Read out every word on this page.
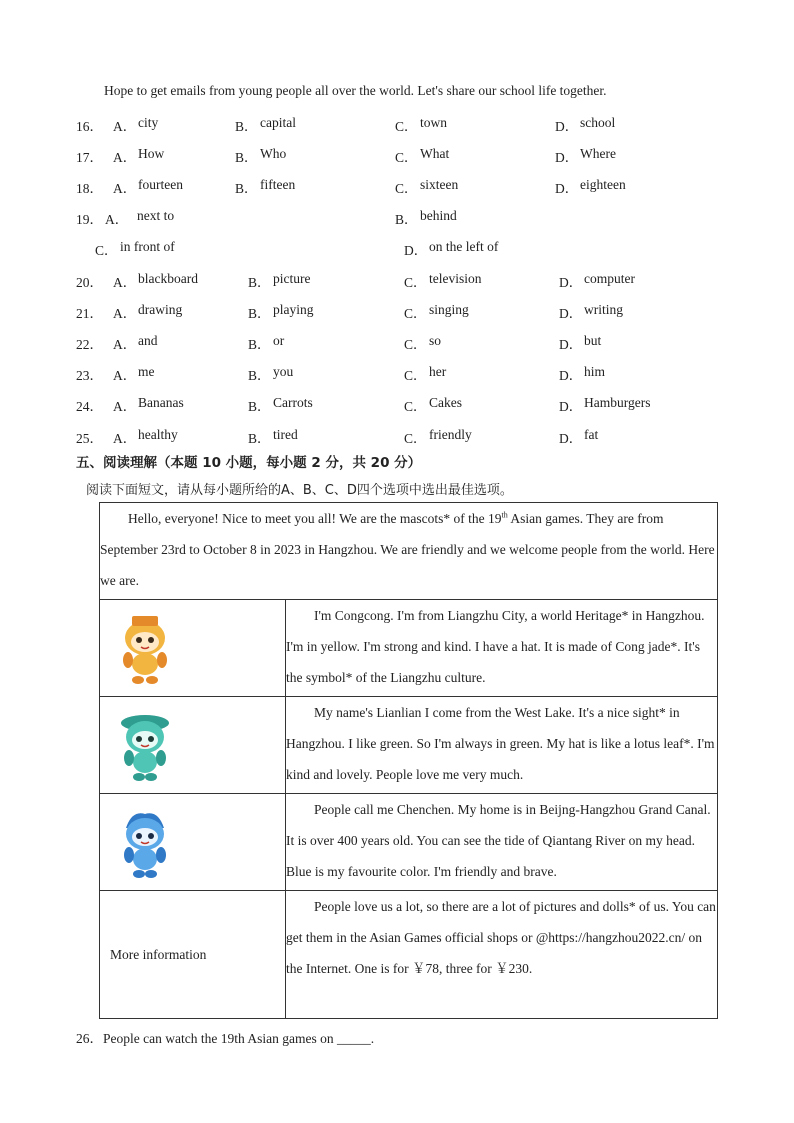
Hope to get emails from young people all over the world. Let's share our school life together.
16． A． city	B． capital	C． town	D． school
17． A． How	B． Who	C． What	D． Where
18． A． fourteen	B． fifteen	C． sixteen	D． eighteen
19． A． next to	B． behind
C． in front of	D． on the left of
20． A． blackboard	B． picture	C． television	D． computer
21． A． drawing	B． playing	C． singing	D． writing
22． A． and	B． or	C． so	D． but
23． A． me	B． you	C． her	D． him
24． A． Bananas	B． Carrots	C． Cakes	D． Hamburgers
25． A． healthy	B． tired	C． friendly	D． fat
五、阅读理解（本题 10 小题，每小题 2 分，共 20 分）
阅读下面短文，请从每小题所给的A、B、C、D四个选项中选出最佳选项。
Hello, everyone! Nice to meet you all! We are the mascots* of the 19th Asian games. They are from September 23rd to October 8 in 2023 in Hangzhou. We are friendly and we welcome people from the world. Here we are.	

	I'm Congcong. I'm from Liangzhu City, a world Heritage* in Hangzhou. I'm in yellow. I'm strong and kind. I have a hat. It is made of Cong jade*. It's the symbol* of the Liangzhu culture.

	My name's Lianlian I come from the West Lake. It's a nice sight* in Hangzhou. I like green. So I'm always in green. My hat is like a lotus leaf*. I'm kind and lovely. People love me very much.

	People call me Chenchen. My home is in Beijng-Hangzhou Grand Canal. It is over 400 years old. You can see the tide of Qiantang River on my head. Blue is my favourite color. I'm friendly and brave.
More information	People love us a lot, so there are a lot of pictures and dolls* of us. You can get them in the Asian Games official shops or @https://hangzhou2022.cn/ on the Internet. One is for ￥78, three for ￥230.
26．People can watch the 19th Asian games on _____.
